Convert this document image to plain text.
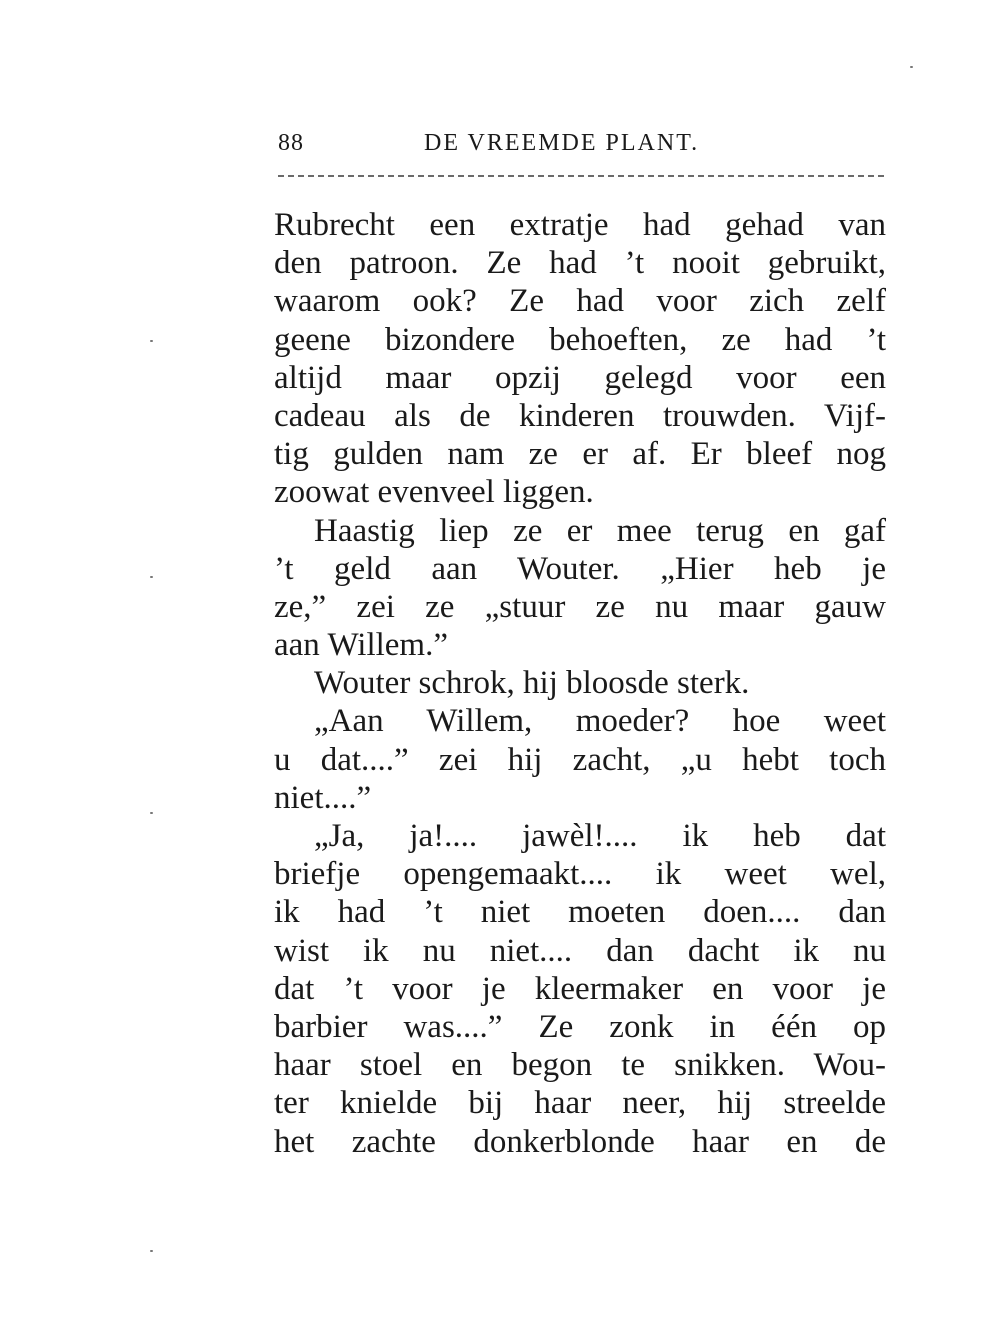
88	DE VREEMDE PLANT.
Rubrecht een extratje had gehad van
den patroon. Ze had ’t nooit gebruikt,
waarom ook? Ze had voor zich zelf
geene bizondere behoeften, ze had ’t
altijd maar opzij gelegd voor een
cadeau als de kinderen trouwden. Vijf-
tig gulden nam ze er af. Er bleef nog
zoowat evenveel liggen.
Haastig liep ze er mee terug en gaf
’t geld aan Wouter. „Hier heb je
ze,” zei ze „stuur ze nu maar gauw
aan Willem.”
Wouter schrok, hij bloosde sterk.
„Aan Willem, moeder? hoe weet
u dat....” zei hij zacht, „u hebt toch
niet....”
„Ja, ja!.... jawèl!.... ik heb dat
briefje opengemaakt.... ik weet wel,
ik had ’t niet moeten doen.... dan
wist ik nu niet.... dan dacht ik nu
dat ’t voor je kleermaker en voor je
barbier was....” Ze zonk in één op
haar stoel en begon te snikken. Wou-
ter knielde bij haar neer, hij streelde
het zachte donkerblonde haar en de
